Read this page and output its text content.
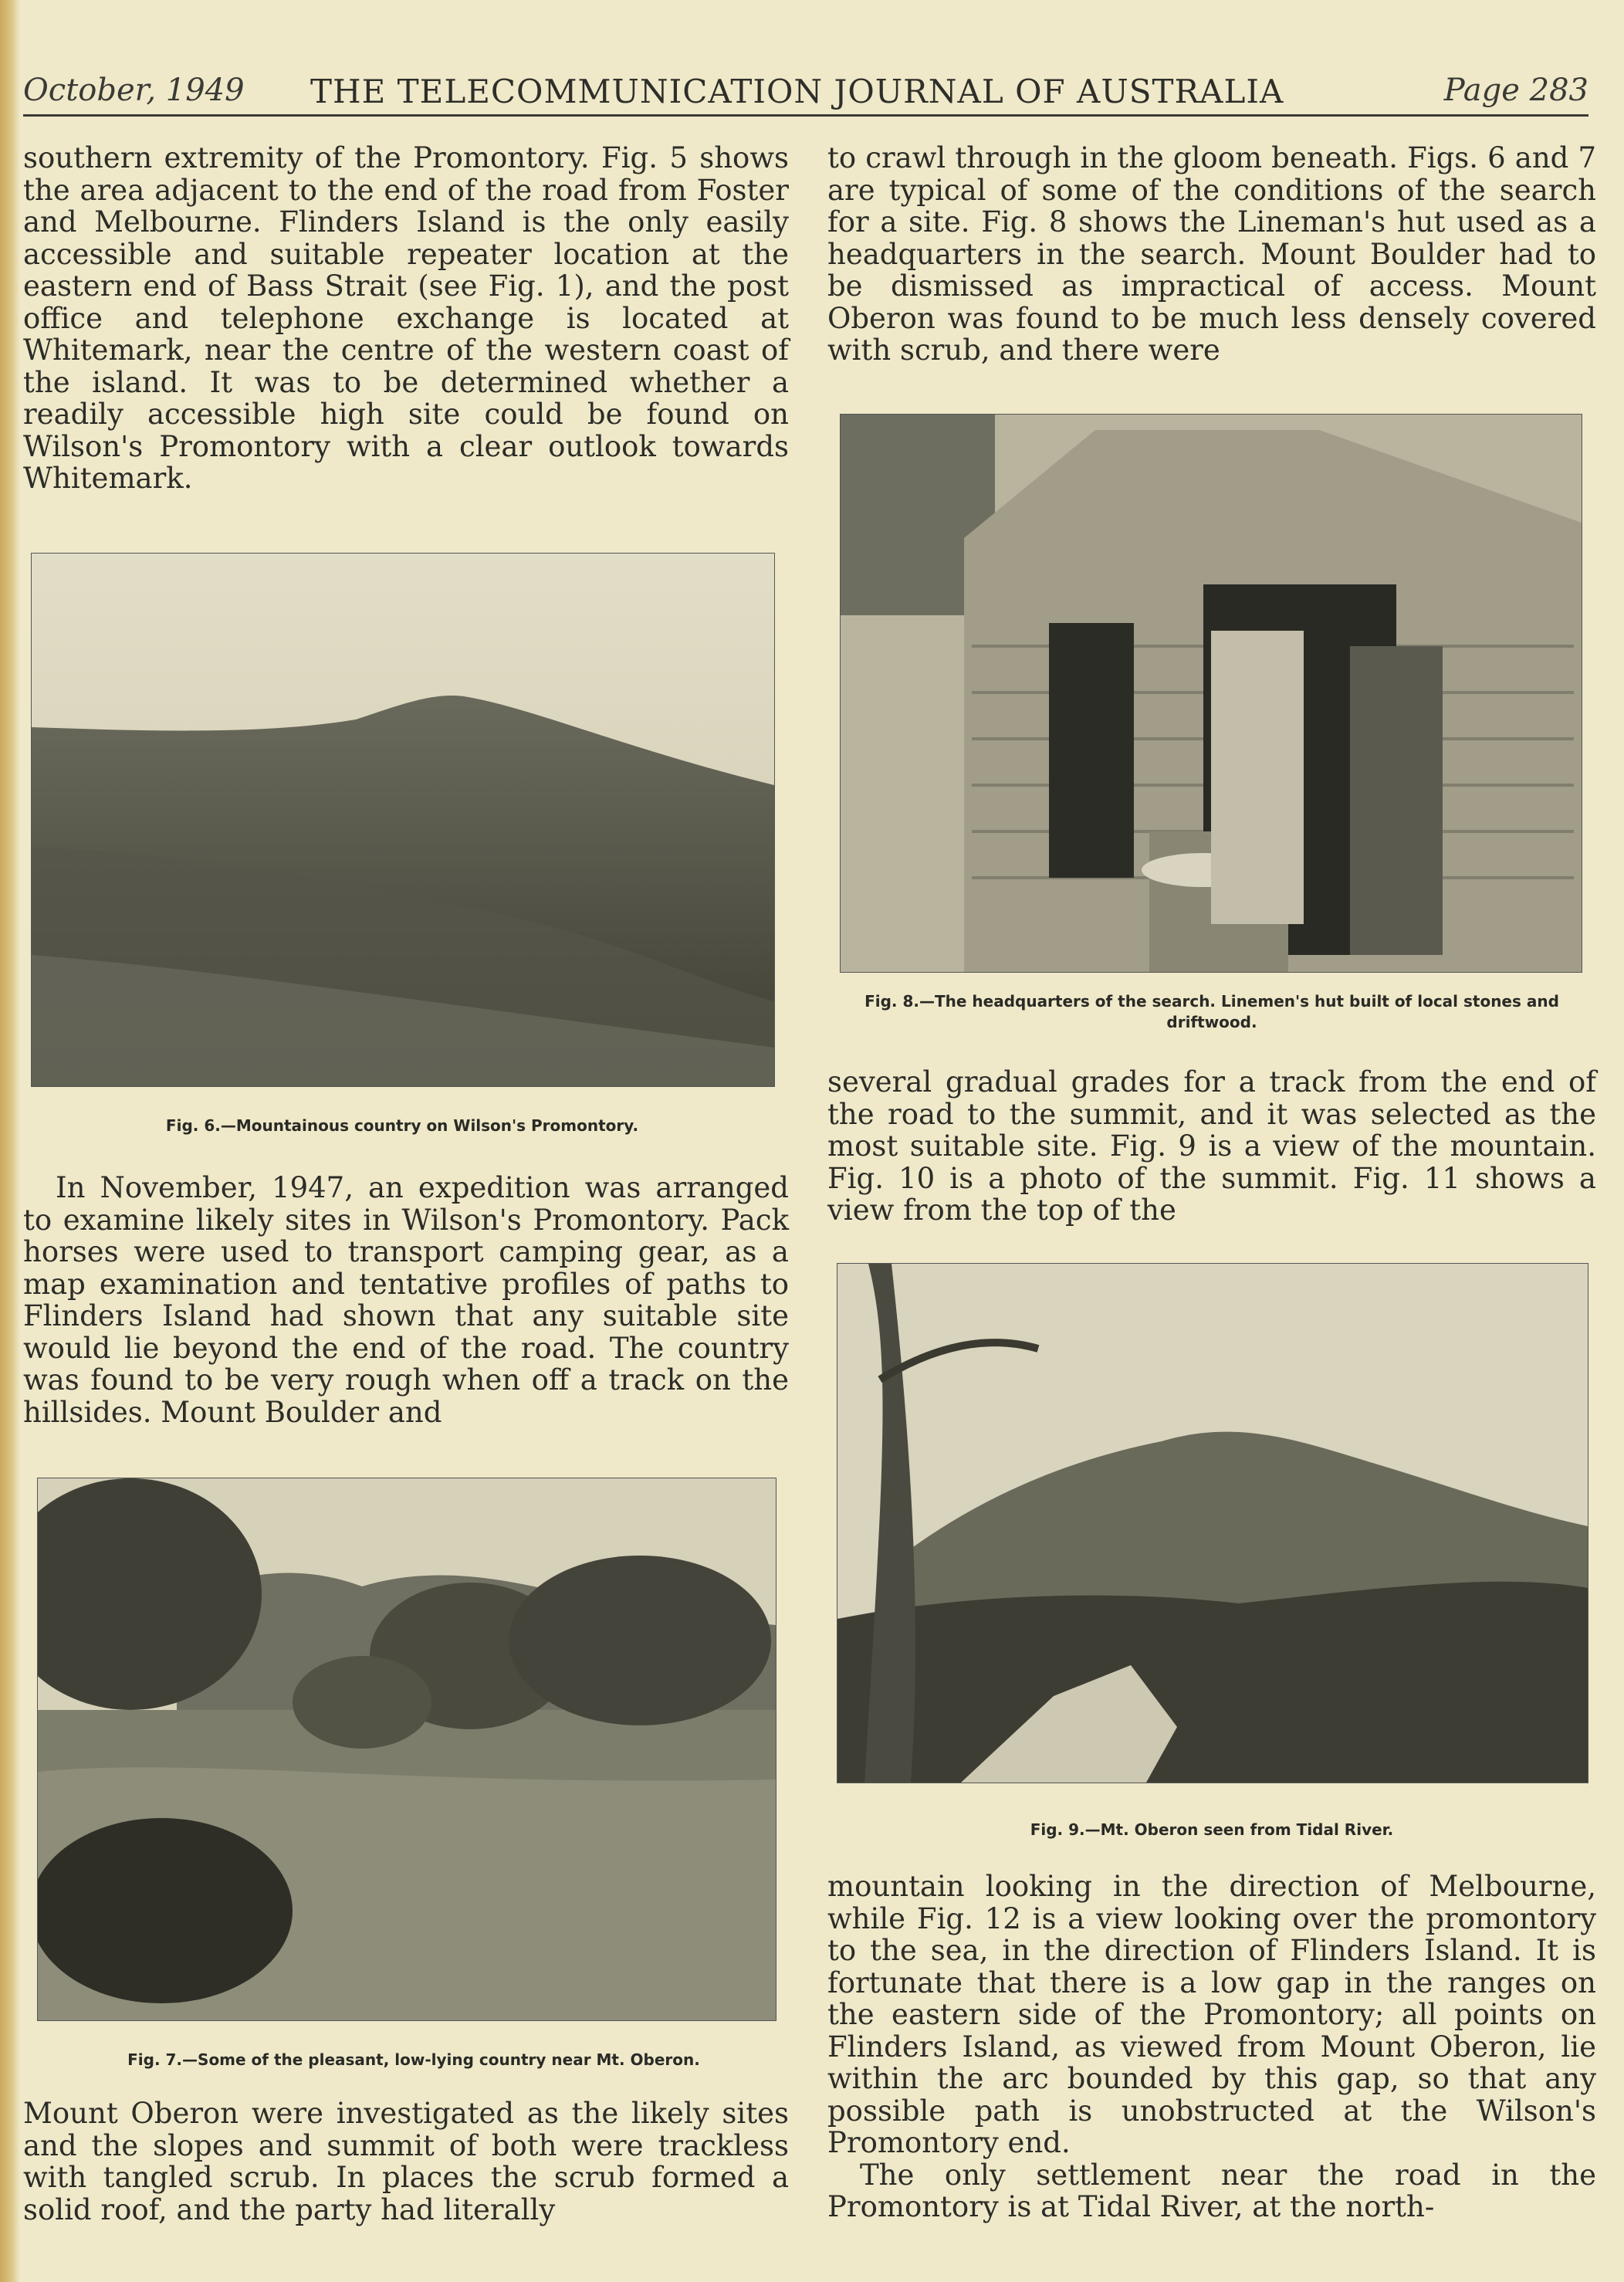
October, 1949 THE TELECOMMUNICATION JOURNAL OF AUSTRALIA	Page 283

southern extremity of the Promontory. Fig. 5 shows the area adjacent to the end of the road from Foster and Melbourne. Flinders Island is the only easily accessible and suitable repeater location at the eastern end of Bass Strait (see Fig. 1), and the post office and telephone exchange is located at Whitemark, near the centre of the western coast of the island. It was to be determined whether a readily accessible high site could be found on Wilson's Promontory with a clear outlook towards Whitemark.

Fig. 6.—Mountainous country on Wilson's Promontory.

In November, 1947, an expedition was arranged to examine likely sites in Wilson's Promontory. Pack horses were used to transport camping gear, as a map examination and tentative profiles of paths to Flinders Island had shown that any suitable site would lie beyond the end of the road. The country was found to be very rough when off a track on the hillsides. Mount Boulder and

Fig. 7.—Some of the pleasant, low-lying country near Mt. Oberon.

Mount Oberon were investigated as the likely sites and the slopes and summit of both were trackless with tangled scrub. In places the scrub formed a solid roof, and the party had literally

to crawl through in the gloom beneath. Figs. 6 and 7 are typical of some of the conditions of the search for a site. Fig. 8 shows the Lineman's hut used as a headquarters in the search. Mount Boulder had to be dismissed as impractical of access. Mount Oberon was found to be much less densely covered with scrub, and there were

Fig. 8.—The headquarters of the search. Linemen's hut built of local stones and driftwood.

several gradual grades for a track from the end of the road to the summit, and it was selected as the most suitable site. Fig. 9 is a view of the mountain. Fig. 10 is a photo of the summit. Fig. 11 shows a view from the top of the

Fig. 9.—Mt. Oberon seen from Tidal River.

mountain looking in the direction of Melbourne, while Fig. 12 is a view looking over the promontory to the sea, in the direction of Flinders Island. It is fortunate that there is a low gap in the ranges on the eastern side of the Promontory; all points on Flinders Island, as viewed from Mount Oberon, lie within the arc bounded by this gap, so that any possible path is unobstructed at the Wilson's Promontory end.

The only settlement near the road in the Promontory is at Tidal River, at the north-
